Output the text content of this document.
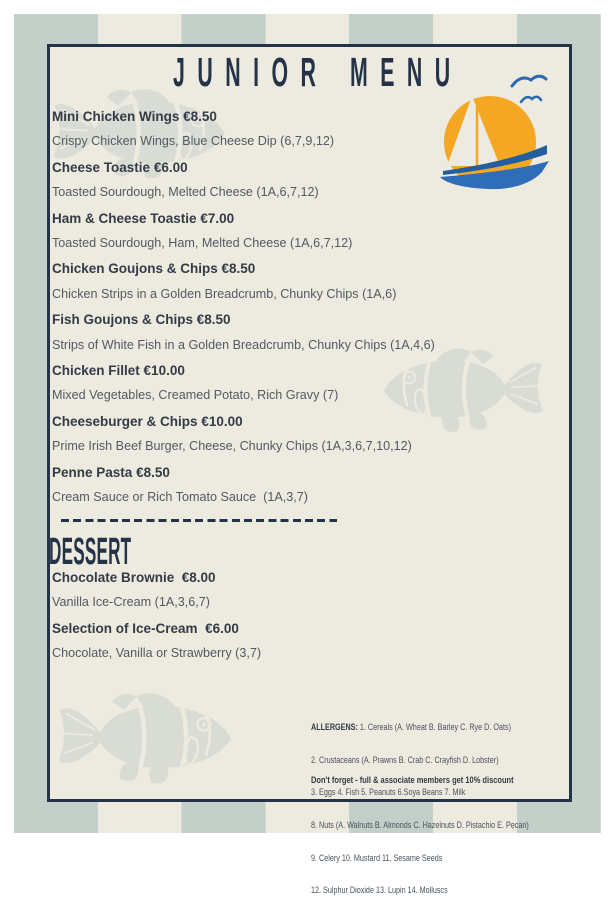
JUNIOR MENU
Mini Chicken Wings €8.50
Crispy Chicken Wings, Blue Cheese Dip (6,7,9,12)
Cheese Toastie €6.00
Toasted Sourdough, Melted Cheese (1A,6,7,12)
Ham & Cheese Toastie €7.00
Toasted Sourdough, Ham, Melted Cheese (1A,6,7,12)
Chicken Goujons & Chips €8.50
Chicken Strips in a Golden Breadcrumb, Chunky Chips (1A,6)
Fish Goujons & Chips €8.50
Strips of White Fish in a Golden Breadcrumb, Chunky Chips (1A,4,6)
Chicken Fillet €10.00
Mixed Vegetables, Creamed Potato, Rich Gravy (7)
Cheeseburger & Chips €10.00
Prime Irish Beef Burger, Cheese, Chunky Chips (1A,3,6,7,10,12)
Penne Pasta €8.50
Cream Sauce or Rich Tomato Sauce  (1A,3,7)
DESSERT
Chocolate Brownie €8.00
Vanilla Ice-Cream (1A,3,6,7)
Selection of Ice-Cream €6.00
Chocolate, Vanilla or Strawberry (3,7)

ALLERGENS: 1. Cereals (A. Wheat B. Barley C. Rye D. Oats)

2. Crustaceans (A. Prawns B. Crab C. Crayfish D. Lobster)

3. Eggs 4. Fish 5. Peanuts 6.Soya Beans 7. Milk

8. Nuts (A. Walnuts B. Almonds C. Hazelnuts D. Pistachio E. Pecan)

9. Celery 10. Mustard 11. Sesame Seeds

12. Sulphur Dioxide 13. Lupin 14. Molluscs

Don't forget - full & associate members get 10% discount
